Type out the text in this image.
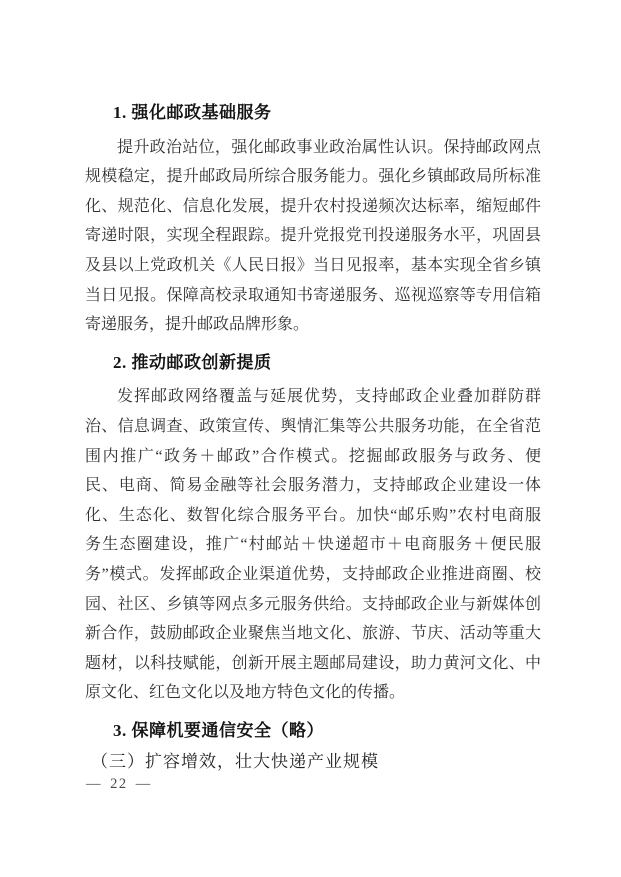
1. 强化邮政基础服务
提升政治站位，强化邮政事业政治属性认识。保持邮政网点
规模稳定，提升邮政局所综合服务能力。强化乡镇邮政局所标准
化、规范化、信息化发展，提升农村投递频次达标率，缩短邮件
寄递时限，实现全程跟踪。提升党报党刊投递服务水平，巩固县
及县以上党政机关《人民日报》当日见报率，基本实现全省乡镇
当日见报。保障高校录取通知书寄递服务、巡视巡察等专用信箱
寄递服务，提升邮政品牌形象。
2. 推动邮政创新提质
发挥邮政网络覆盖与延展优势，支持邮政企业叠加群防群
治、信息调查、政策宣传、舆情汇集等公共服务功能，在全省范
围内推广“政务＋邮政”合作模式。挖掘邮政服务与政务、便
民、电商、简易金融等社会服务潜力，支持邮政企业建设一体
化、生态化、数智化综合服务平台。加快“邮乐购”农村电商服
务生态圈建设，推广“村邮站＋快递超市＋电商服务＋便民服
务”模式。发挥邮政企业渠道优势，支持邮政企业推进商圈、校
园、社区、乡镇等网点多元服务供给。支持邮政企业与新媒体创
新合作，鼓励邮政企业聚焦当地文化、旅游、节庆、活动等重大
题材，以科技赋能，创新开展主题邮局建设，助力黄河文化、中
原文化、红色文化以及地方特色文化的传播。
3. 保障机要通信安全（略）
（三）扩容增效，壮大快递产业规模
— 22 —
